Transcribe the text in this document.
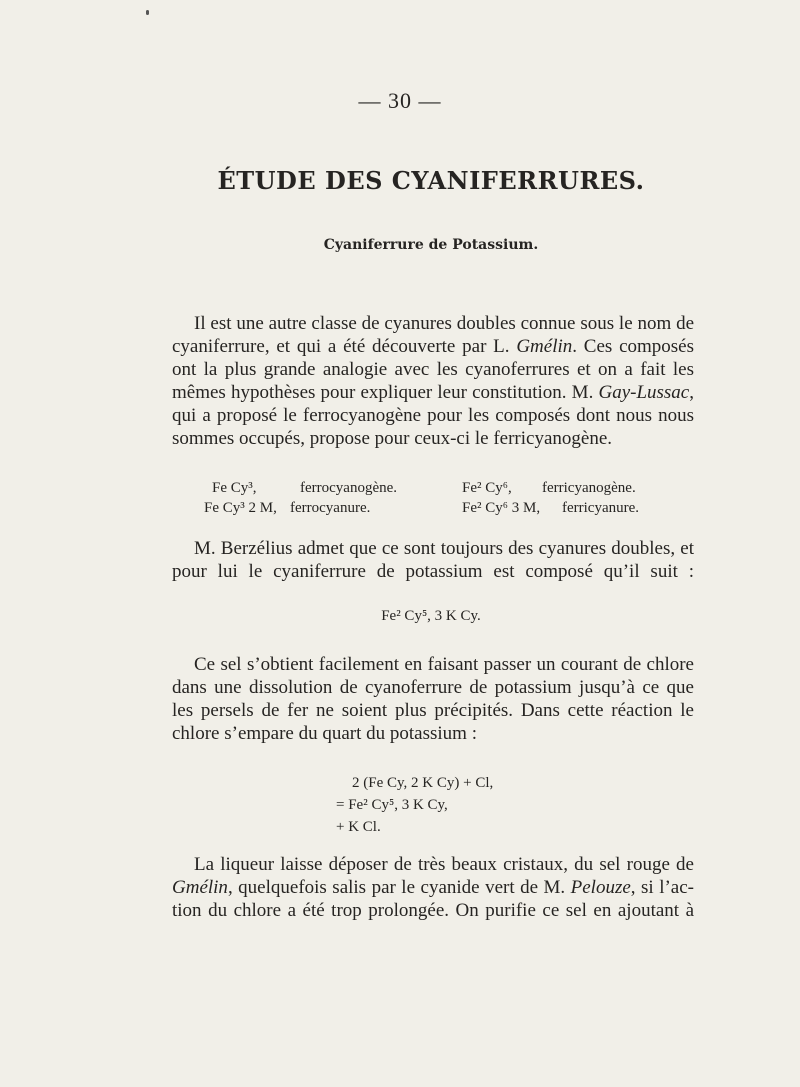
— 30 —
ÉTUDE DES CYANIFERRURES.
Cyaniferrure de Potassium.

Il est une autre classe de cyanures doubles connue sous le nom de
cyaniferrure, et qui a été découverte par L. Gmélin. Ces composés
ont la plus grande analogie avec les cyanoferrures et on a fait les
mêmes hypothèses pour expliquer leur constitution. M. Gay-Lussac,
qui a proposé le ferrocyanogène pour les composés dont nous nous
sommes occupés, propose pour ceux-ci le ferricyanogène.

Fe Cy³,	ferrocyanogène.	Fe² Cy⁶, ferricyanogène.
Fe Cy³ 2 M, ferrocyanure.	Fe² Cy⁶ 3 M, ferricyanure.

M. Berzélius admet que ce sont toujours des cyanures doubles, et
pour lui le cyaniferrure de potassium est composé qu’il suit :

Fe² Cy⁵, 3 K Cy.

Ce sel s’obtient facilement en faisant passer un courant de chlore
dans une dissolution de cyanoferrure de potassium jusqu’à ce que
les persels de fer ne soient plus précipités. Dans cette réaction le
chlore s’empare du quart du potassium :

2 (Fe Cy, 2 K Cy) + Cl,
= Fe² Cy⁵, 3 K Cy,
+ K Cl.

La liqueur laisse déposer de très beaux cristaux, du sel rouge de
Gmélin, quelquefois salis par le cyanide vert de M. Pelouze, si l’ac-
tion du chlore a été trop prolongée. On purifie ce sel en ajoutant à
